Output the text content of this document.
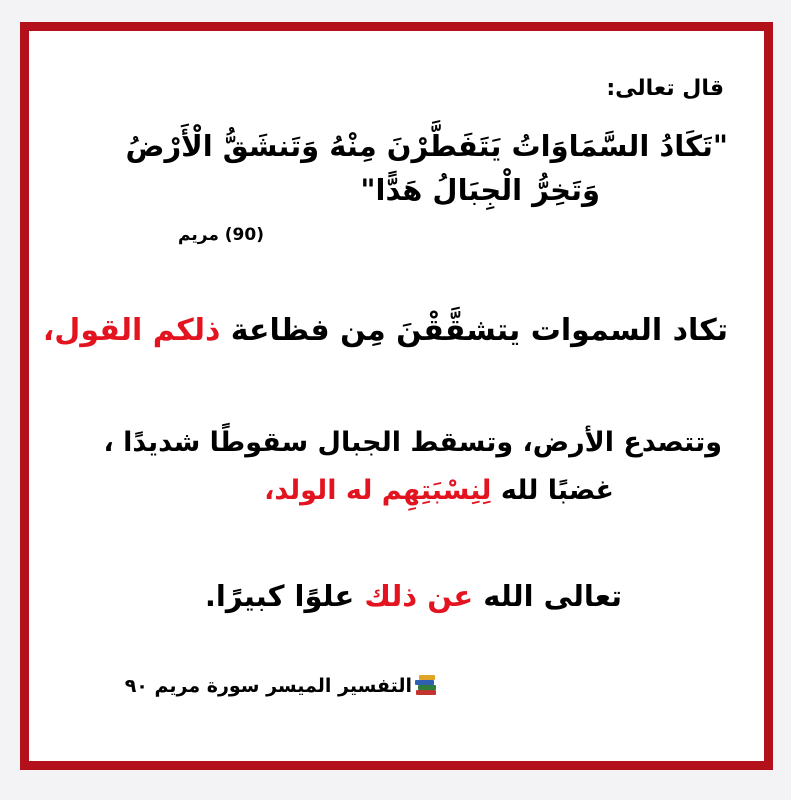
قال تعالى:
"تَكَادُ السَّمَاوَاتُ يَتَفَطَّرْنَ مِنْهُ وَتَنشَقُّ الْأَرْضُ
وَتَخِرُّ الْجِبَالُ هَدًّا"
(90) مريم
تكاد السموات يتشقَّقْنَ مِن فظاعة ذلكم القول،
وتتصدع الأرض، وتسقط الجبال سقوطًا شديدًا ،
غضبًا لله لِنِسْبَتِهِم له الولد،
تعالى الله عن ذلك علوًا كبيرًا.
التفسير الميسر سورة مريم ٩٠
